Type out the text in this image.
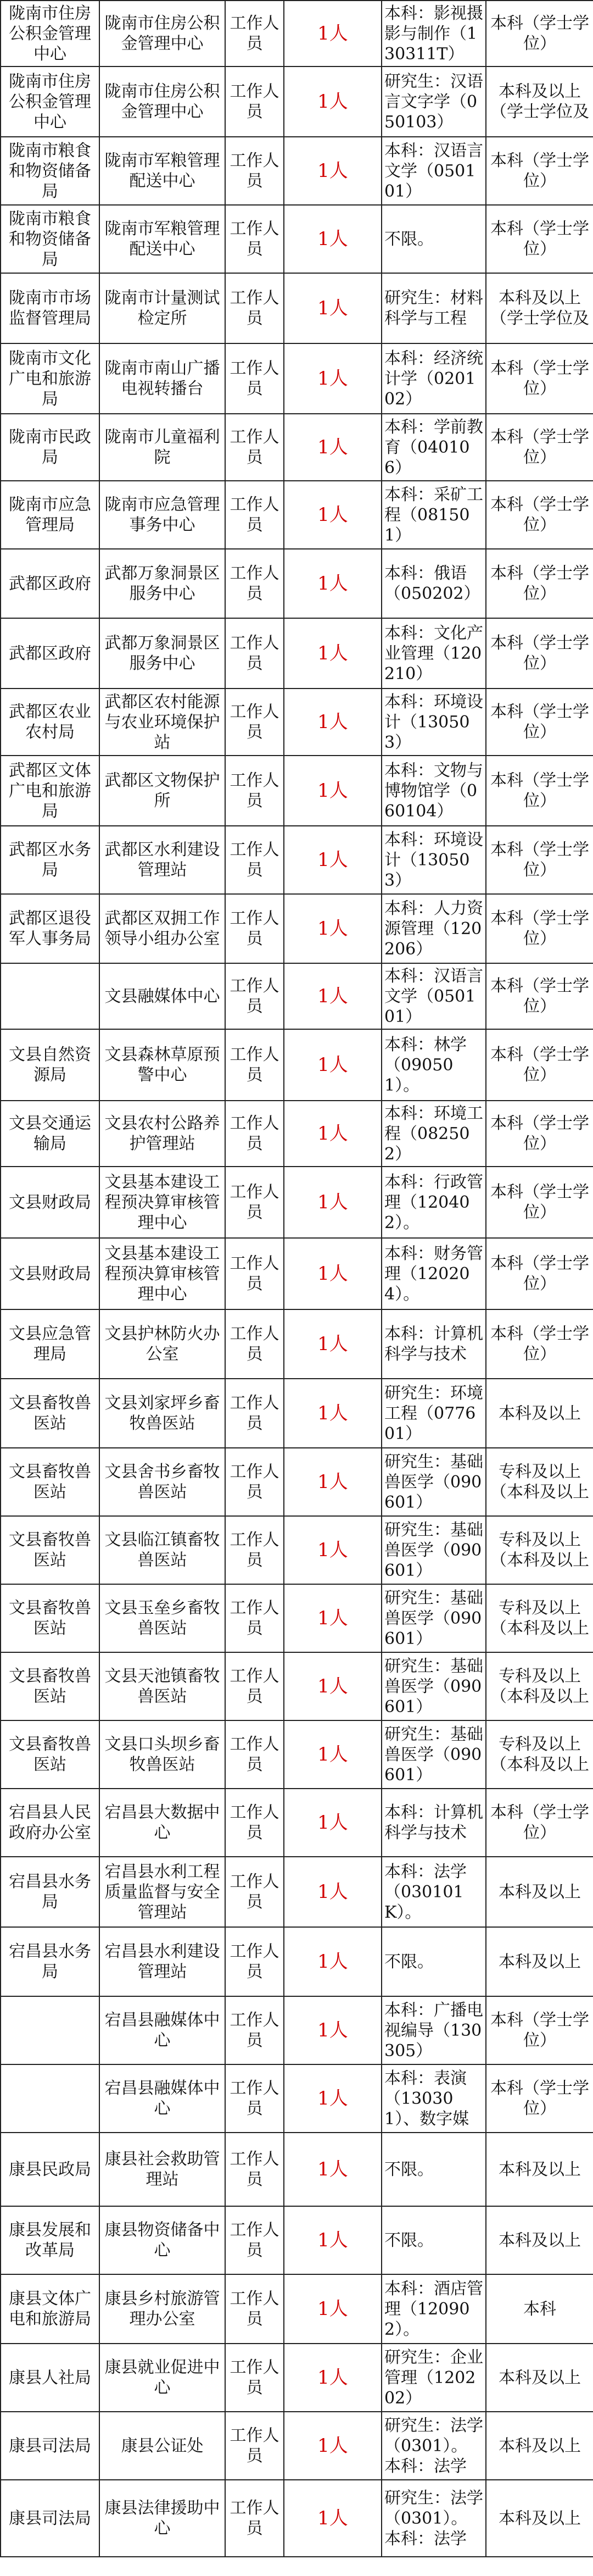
陇南市住房公积金管理中心	陇南市住房公积金管理中心	工作人员	1人	本科：影视摄影与制作（130311T）	本科（学士学位）

陇南市住房公积金管理中心	陇南市住房公积金管理中心	工作人员	1人	研究生：汉语言文字学（050103）	本科及以上（学士学位及

陇南市粮食和物资储备局	陇南市军粮管理配送中心	工作人员	1人	本科：汉语言文学（050101）	本科（学士学位）

陇南市粮食和物资储备局	陇南市军粮管理配送中心	工作人员	1人	不限。	本科（学士学位）

陇南市市场监督管理局	陇南市计量测试检定所	工作人员	1人	研究生：材料科学与工程	本科及以上（学士学位及

陇南市文化广电和旅游局	陇南市南山广播电视转播台	工作人员	1人	本科：经济统计学（020102）	本科（学士学位）

陇南市民政局	陇南市儿童福利院	工作人员	1人	本科：学前教育（040106）	本科（学士学位）

陇南市应急管理局	陇南市应急管理事务中心	工作人员	1人	本科：采矿工程（081501）	本科（学士学位）

武都区政府	武都万象洞景区服务中心	工作人员	1人	本科：俄语（050202）	本科（学士学位）

武都区政府	武都万象洞景区服务中心	工作人员	1人	本科：文化产业管理（120210）	本科（学士学位）

武都区农业农村局	武都区农村能源与农业环境保护站	工作人员	1人	本科：环境设计（130503）	本科（学士学位）

武都区文体广电和旅游局	武都区文物保护所	工作人员	1人	本科：文物与博物馆学（060104）	本科（学士学位）

武都区水务局	武都区水利建设管理站	工作人员	1人	本科：环境设计（130503）	本科（学士学位）

武都区退役军人事务局	武都区双拥工作领导小组办公室	工作人员	1人	本科：人力资源管理（120206）	本科（学士学位）

	文县融媒体中心	工作人员	1人	本科：汉语言文学（050101）	本科（学士学位）

文县自然资源局	文县森林草原预警中心	工作人员	1人	本科：林学（090501）。	本科（学士学位）

文县交通运输局	文县农村公路养护管理站	工作人员	1人	本科：环境工程（082502）	本科（学士学位）

文县财政局	文县基本建设工程预决算审核管理中心	工作人员	1人	本科：行政管理（120402）。	本科（学士学位）

文县财政局	文县基本建设工程预决算审核管理中心	工作人员	1人	本科：财务管理（120204）。	本科（学士学位）

文县应急管理局	文县护林防火办公室	工作人员	1人	本科：计算机科学与技术	本科（学士学位）

文县畜牧兽医站	文县刘家坪乡畜牧兽医站	工作人员	1人	研究生：环境工程（077601）	本科及以上

文县畜牧兽医站	文县舍书乡畜牧兽医站	工作人员	1人	研究生：基础兽医学（090601）	专科及以上（本科及以上

文县畜牧兽医站	文县临江镇畜牧兽医站	工作人员	1人	研究生：基础兽医学（090601）	专科及以上（本科及以上

文县畜牧兽医站	文县玉垒乡畜牧兽医站	工作人员	1人	研究生：基础兽医学（090601）	专科及以上（本科及以上

文县畜牧兽医站	文县天池镇畜牧兽医站	工作人员	1人	研究生：基础兽医学（090601）	专科及以上（本科及以上

文县畜牧兽医站	文县口头坝乡畜牧兽医站	工作人员	1人	研究生：基础兽医学（090601）	专科及以上（本科及以上

宕昌县人民政府办公室	宕昌县大数据中心	工作人员	1人	本科：计算机科学与技术	本科（学士学位）

宕昌县水务局	宕昌县水利工程质量监督与安全管理站	工作人员	1人	本科：法学（030101K）。	本科及以上

宕昌县水务局	宕昌县水利建设管理站	工作人员	1人	不限。	本科及以上

	宕昌县融媒体中心	工作人员	1人	本科：广播电视编导（130305）	本科（学士学位）

	宕昌县融媒体中心	工作人员	1人	本科：表演（130301）、数字媒	本科（学士学位）

康县民政局	康县社会救助管理站	工作人员	1人	不限。	本科及以上

康县发展和改革局	康县物资储备中心	工作人员	1人	不限。	本科及以上

康县文体广电和旅游局	康县乡村旅游管理办公室	工作人员	1人	本科：酒店管理（120902）。	本科

康县人社局	康县就业促进中心	工作人员	1人	研究生：企业管理（120202）	本科及以上

康县司法局	康县公证处	工作人员	1人	研究生：法学（0301）。本科：法学	本科及以上

康县司法局	康县法律援助中心	工作人员	1人	研究生：法学（0301）。本科：法学	本科及以上
